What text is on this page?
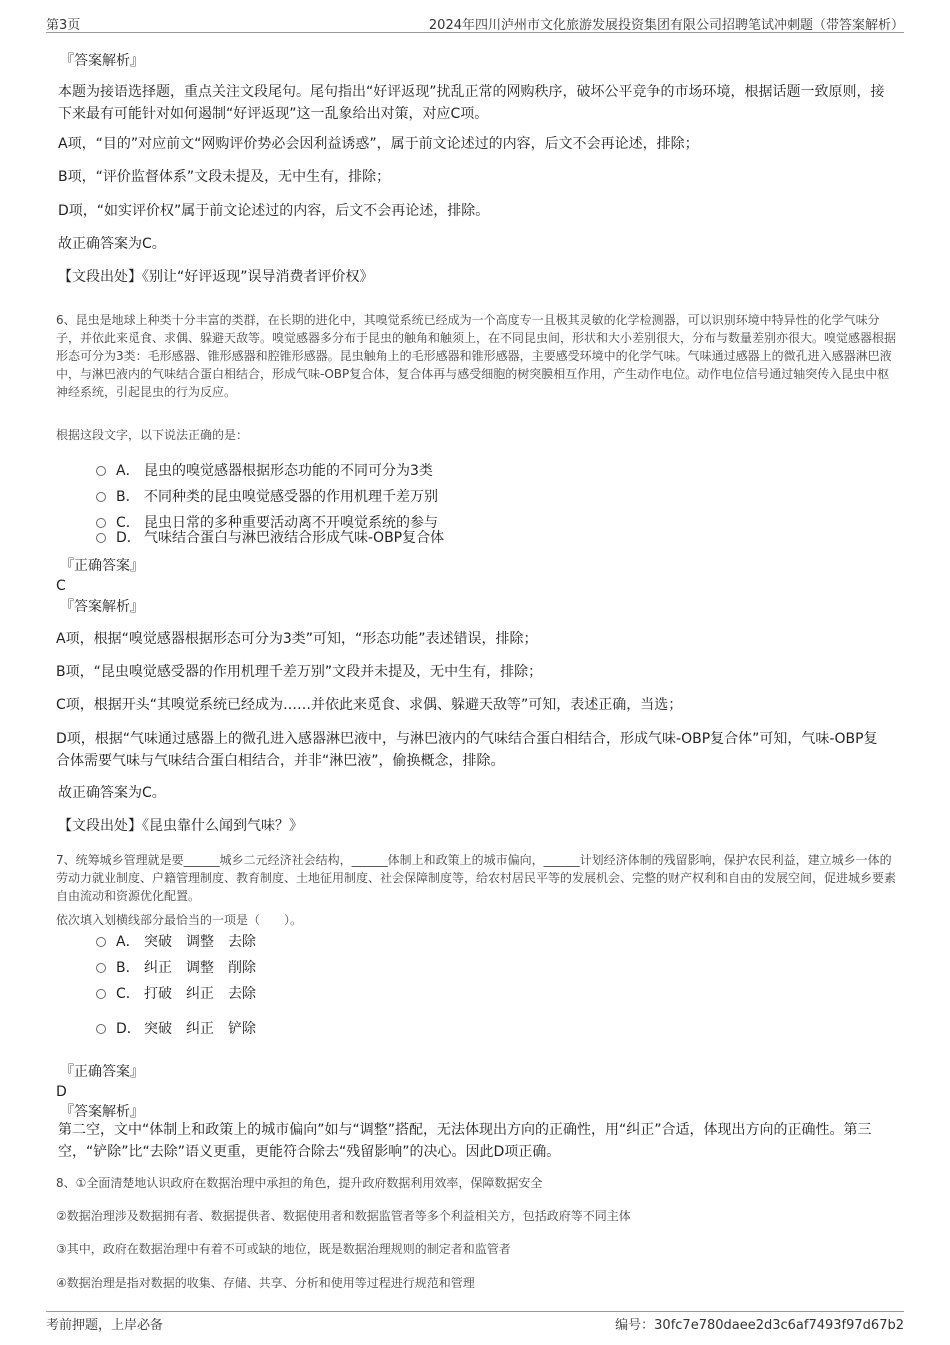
第3页	2024年四川泸州市文化旅游发展投资集团有限公司招聘笔试冲刺题（带答案解析）
『答案解析』
本题为接语选择题，重点关注文段尾句。尾句指出“好评返现”扰乱正常的网购秩序，破坏公平竞争的市场环境，根据话题一致原则，接下来最有可能针对如何遏制“好评返现”这一乱象给出对策，对应C项。
A项，“目的”对应前文“网购评价势必会因利益诱惑”，属于前文论述过的内容，后文不会再论述，排除；
B项，“评价监督体系”文段未提及，无中生有，排除；
D项，“如实评价权”属于前文论述过的内容，后文不会再论述，排除。
故正确答案为C。
【文段出处】《别让“好评返现”误导消费者评价权》
6、昆虫是地球上种类十分丰富的类群，在长期的进化中，其嗅觉系统已经成为一个高度专一且极其灵敏的化学检测器，可以识别环境中特异性的化学气味分子，并依此来觅食、求偶、躲避天敌等。嗅觉感器多分布于昆虫的触角和触须上，在不同昆虫间，形状和大小差别很大，分布与数量差别亦很大。嗅觉感器根据形态可分为3类：毛形感器、锥形感器和腔锥形感器。昆虫触角上的毛形感器和锥形感器，主要感受环境中的化学气味。气味通过感器上的微孔进入感器淋巴液中，与淋巴液内的气味结合蛋白相结合，形成气味-OBP复合体，复合体再与感受细胞的树突膜相互作用，产生动作电位。动作电位信号通过轴突传入昆虫中枢神经系统，引起昆虫的行为反应。
根据这段文字，以下说法正确的是：
A． 昆虫的嗅觉感器根据形态功能的不同可分为3类
B． 不同种类的昆虫嗅觉感受器的作用机理千差万别
C． 昆虫日常的多种重要活动离不开嗅觉系统的参与
D． 气味结合蛋白与淋巴液结合形成气味-OBP复合体
『正确答案』
C
『答案解析』
A项，根据“嗅觉感器根据形态可分为3类”可知，“形态功能”表述错误，排除；
B项，“昆虫嗅觉感受器的作用机理千差万别”文段并未提及，无中生有，排除；
C项，根据开头“其嗅觉系统已经成为……并依此来觅食、求偶、躲避天敌等”可知，表述正确，当选；
D项，根据“气味通过感器上的微孔进入感器淋巴液中，与淋巴液内的气味结合蛋白相结合，形成气味-OBP复合体”可知，气味-OBP复合体需要气味与气味结合蛋白相结合，并非“淋巴液”，偷换概念，排除。
故正确答案为C。
【文段出处】《昆虫靠什么闻到气味？》
7、统筹城乡管理就是要______城乡二元经济社会结构，______体制上和政策上的城市偏向，______计划经济体制的残留影响，保护农民利益，建立城乡一体的劳动力就业制度、户籍管理制度、教育制度、土地征用制度、社会保障制度等，给农村居民平等的发展机会、完整的财产权利和自由的发展空间，促进城乡要素自由流动和资源优化配置。
依次填入划横线部分最恰当的一项是（　　）。
A． 突破 调整 去除
B． 纠正 调整 削除
C． 打破 纠正 去除
D． 突破 纠正 铲除
『正确答案』
D
『答案解析』
第二空，文中“体制上和政策上的城市偏向”如与“调整”搭配，无法体现出方向的正确性，用“纠正”合适，体现出方向的正确性。第三空，“铲除”比“去除”语义更重，更能符合除去“残留影响”的决心。因此D项正确。
8、①全面清楚地认识政府在数据治理中承担的角色，提升政府数据利用效率，保障数据安全
②数据治理涉及数据拥有者、数据提供者、数据使用者和数据监管者等多个利益相关方，包括政府等不同主体
③其中，政府在数据治理中有着不可或缺的地位，既是数据治理规则的制定者和监管者
④数据治理是指对数据的收集、存储、共享、分析和使用等过程进行规范和管理
考前押题，上岸必备	编号：30fc7e780daee2d3c6af7493f97d67b2
